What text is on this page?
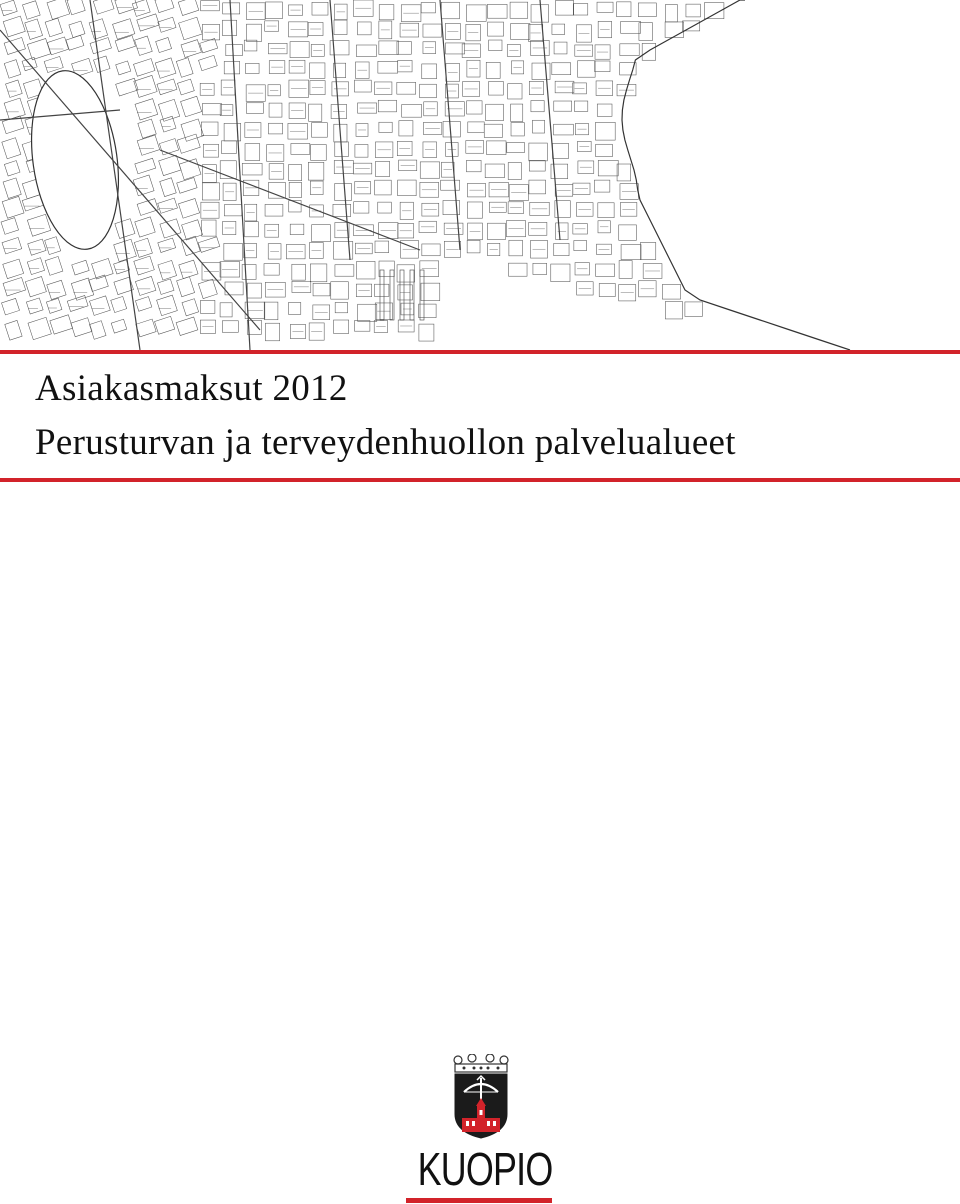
Asiakasmaksut 2012
Perusturvan ja terveydenhuollon palvelualueet
KUOPIO
